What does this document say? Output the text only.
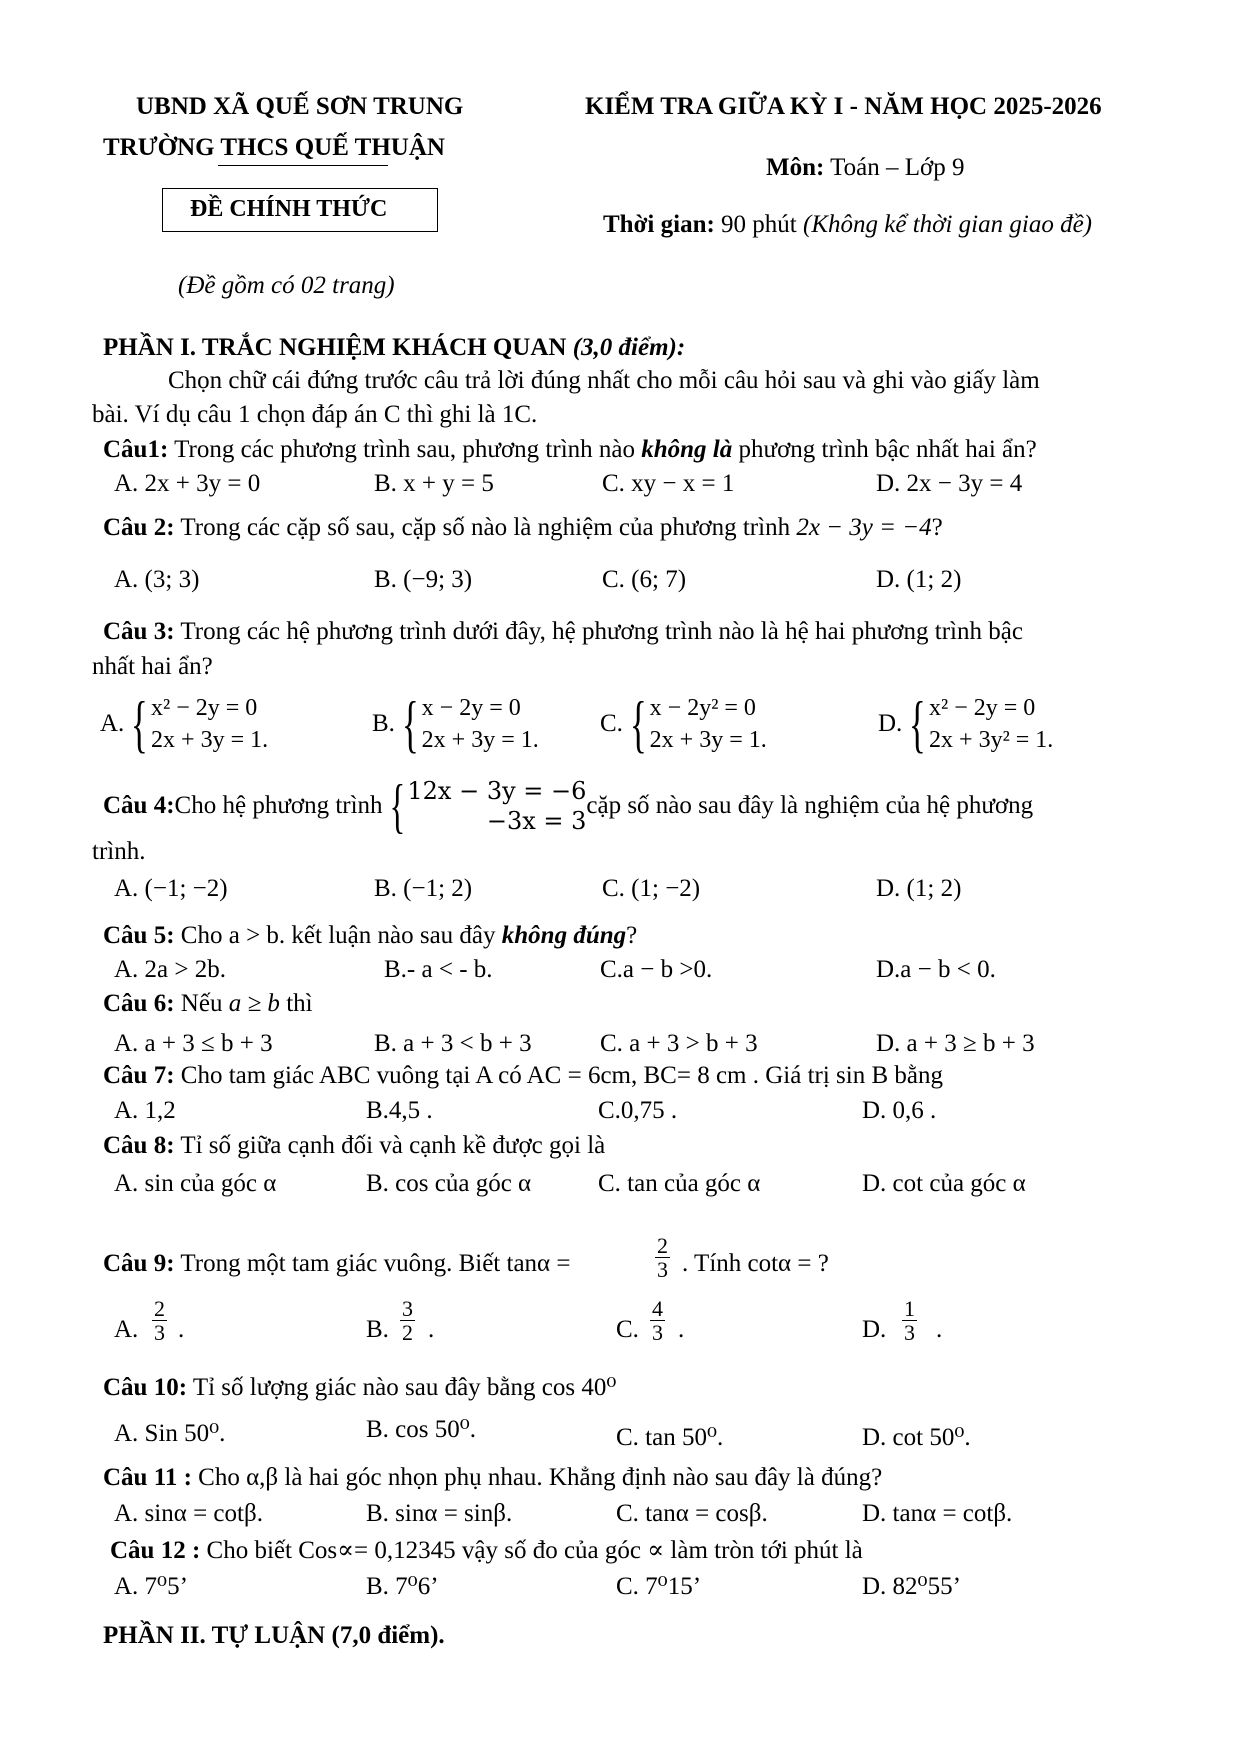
UBND XÃ QUẾ SƠN TRUNG
TRƯỜNG THCS QUẾ THUẬN
ĐỀ CHÍNH THỨC
(Đề gồm có 02 trang)
KIỂM TRA GIỮA KỲ I - NĂM HỌC 2025-2026
Môn: Toán – Lớp 9
Thời gian: 90 phút (Không kể thời gian giao đề)
PHẦN I. TRẮC NGHIỆM KHÁCH QUAN (3,0 điểm):
Chọn chữ cái đứng trước câu trả lời đúng nhất cho mỗi câu hỏi sau và ghi vào giấy làm
bài. Ví dụ câu 1 chọn đáp án C thì ghi là 1C.
Câu1: Trong các phương trình sau, phương trình nào không là phương trình bậc nhất hai ẩn?
A. 2x + 3y = 0	B. x + y = 5	C. xy − x = 1	D. 2x − 3y = 4
Câu 2: Trong các cặp số sau, cặp số nào là nghiệm của phương trình 2x − 3y = −4?
A. (3; 3)	B. (−9; 3)	C. (6; 7)	D. (1; 2)
Câu 3: Trong các hệ phương trình dưới đây, hệ phương trình nào là hệ hai phương trình bậc
nhất hai ẩn?
A. { x² − 2y = 0
2x + 3y = 1.
B. { x − 2y = 0
2x + 3y = 1.
C. { x − 2y² = 0
2x + 3y = 1.
D. { x² − 2y = 0
2x + 3y² = 1.
Câu 4: Cho hệ phương trình { 12x − 3y = −6
−3x = 3
cặp số nào sau đây là nghiệm của hệ phương
trình.
A. (−1; −2)	B. (−1; 2)	C. (1; −2)	D. (1; 2)
Câu 5: Cho a > b. kết luận nào sau đây không đúng?
A. 2a > 2b.	B.- a < - b.	C.a − b >0.	D.a − b < 0.
Câu 6: Nếu a ≥ b thì
A. a + 3 ≤ b + 3	B. a + 3 < b + 3	C. a + 3 > b + 3	D. a + 3 ≥ b + 3
Câu 7: Cho tam giác ABC vuông tại A có AC = 6cm, BC= 8 cm . Giá trị sin B bằng
A. 1,2	B.4,5 .	C.0,75 .	D. 0,6 .
Câu 8: Tỉ số giữa cạnh đối và cạnh kề được gọi là
A. sin của góc α	B. cos của góc α	C. tan của góc α	D. cot của góc α
Câu 9: Trong một tam giác vuông. Biết tanα =
2
3 . Tính cotα = ?
A.
2
3 .	B.
3
2 .	C.
4
3 .	D.
1
3 .
Câu 10: Tỉ số lượng giác nào sau đây bằng cos 40⁰
A. Sin 50⁰.	B. cos 50⁰.	C. tan 50⁰.	D. cot 50⁰.
Câu 11 : Cho α,β là hai góc nhọn phụ nhau. Khẳng định nào sau đây là đúng?
A. sinα = cotβ.	B. sinα = sinβ.	C. tanα = cosβ.	D. tanα = cotβ.
Câu 12 : Cho biết Cos∝= 0,12345 vậy số đo của góc ∝ làm tròn tới phút là
A. 7⁰5’	B. 7⁰6’	C. 7⁰15’	D. 82⁰55’
PHẦN II. TỰ LUẬN (7,0 điểm).
